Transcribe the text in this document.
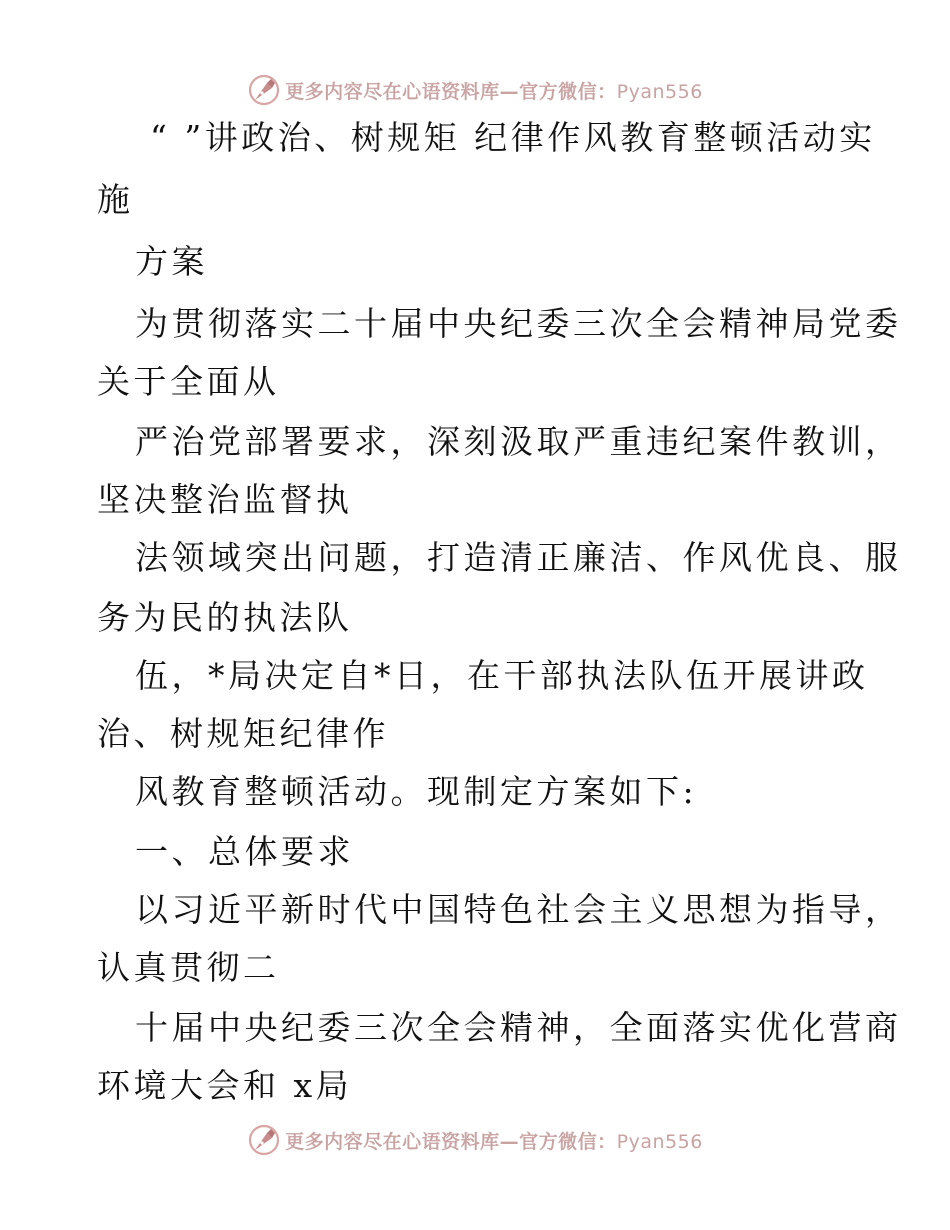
更多内容尽在心语资料库—官方微信：Pyan556
“ ”讲政治、树规矩 纪律作风教育整顿活动实
施
方案
为贯彻落实二十届中央纪委三次全会精神局党委
关于全面从
严治党部署要求，深刻汲取严重违纪案件教训，
坚决整治监督执
法领域突出问题，打造清正廉洁、作风优良、服
务为民的执法队
伍，*局决定自*日，在干部执法队伍开展讲政
治、树规矩纪律作
风教育整顿活动。现制定方案如下:
一、总体要求
以习近平新时代中国特色社会主义思想为指导，
认真贯彻二
十届中央纪委三次全会精神，全面落实优化营商
环境大会和 x局
更多内容尽在心语资料库—官方微信：Pyan556
